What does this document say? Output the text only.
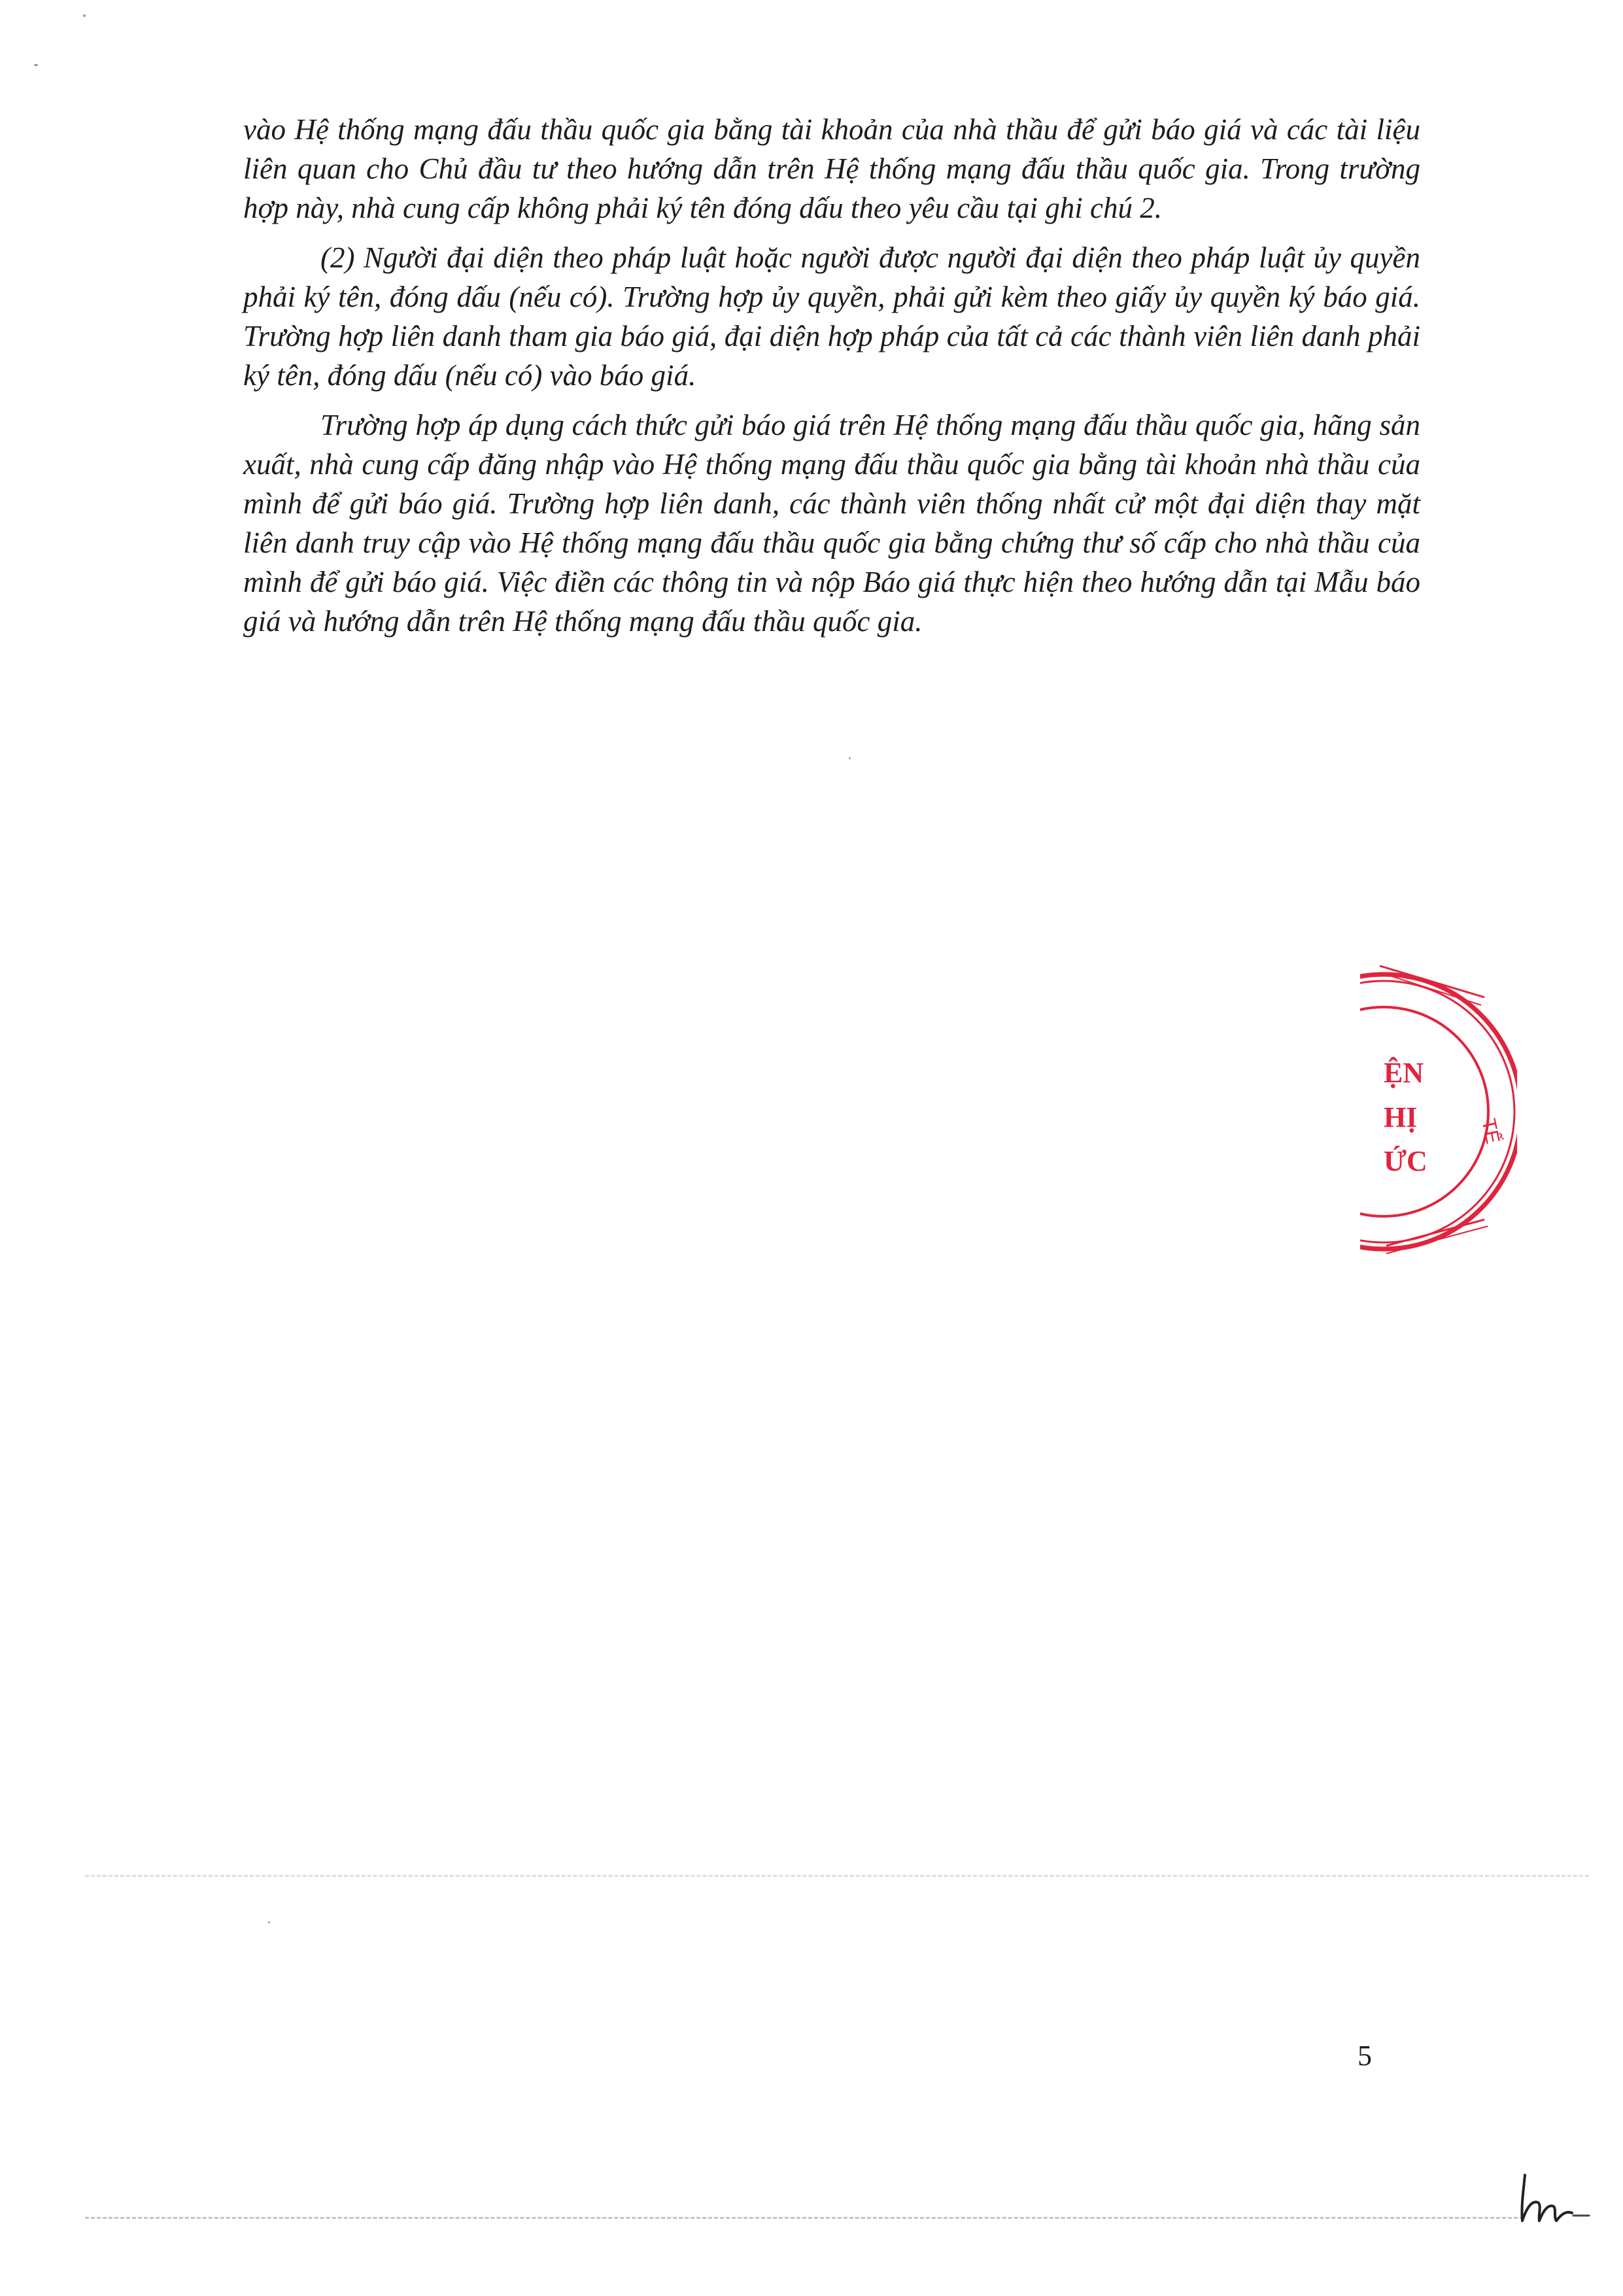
vào Hệ thống mạng đấu thầu quốc gia bằng tài khoản của nhà thầu để gửi báo giá và các tài liệu liên quan cho Chủ đầu tư theo hướng dẫn trên Hệ thống mạng đấu thầu quốc gia. Trong trường hợp này, nhà cung cấp không phải ký tên đóng dấu theo yêu cầu tại ghi chú 2.

(2) Người đại diện theo pháp luật hoặc người được người đại diện theo pháp luật ủy quyền phải ký tên, đóng dấu (nếu có). Trường hợp ủy quyền, phải gửi kèm theo giấy ủy quyền ký báo giá. Trường hợp liên danh tham gia báo giá, đại diện hợp pháp của tất cả các thành viên liên danh phải ký tên, đóng dấu (nếu có) vào báo giá.

Trường hợp áp dụng cách thức gửi báo giá trên Hệ thống mạng đấu thầu quốc gia, hãng sản xuất, nhà cung cấp đăng nhập vào Hệ thống mạng đấu thầu quốc gia bằng tài khoản nhà thầu của mình để gửi báo giá. Trường hợp liên danh, các thành viên thống nhất cử một đại diện thay mặt liên danh truy cập vào Hệ thống mạng đấu thầu quốc gia bằng chứng thư số cấp cho nhà thầu của mình để gửi báo giá. Việc điền các thông tin và nộp Báo giá thực hiện theo hướng dẫn tại Mẫu báo giá và hướng dẫn trên Hệ thống mạng đấu thầu quốc gia.

ỆN
HỊ
ỨC
TẾ
5
